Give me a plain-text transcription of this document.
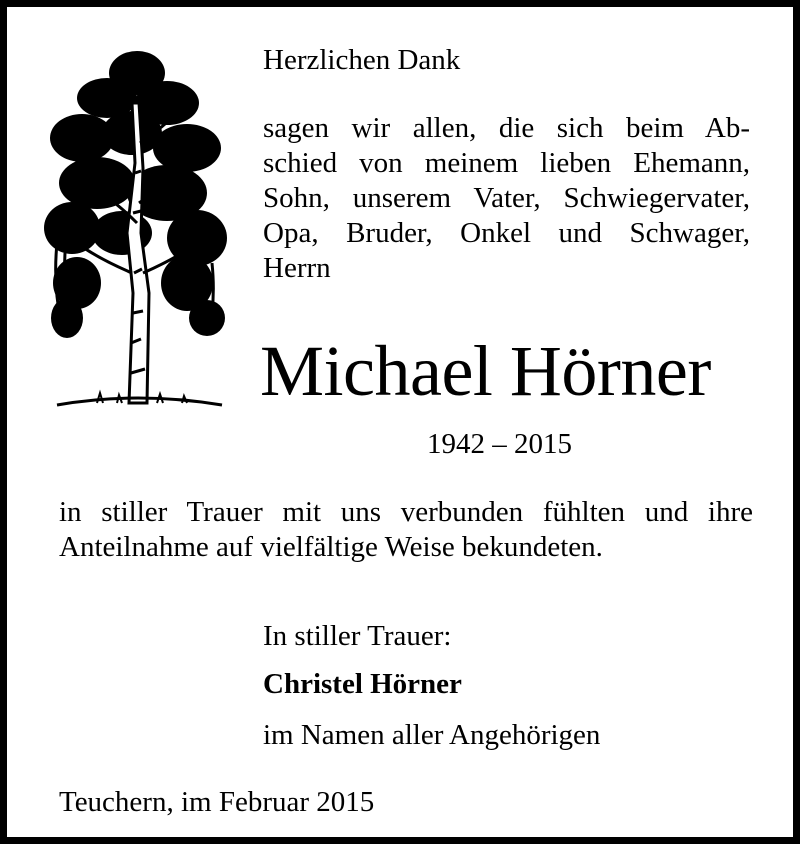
Herzlichen Dank
sagen wir allen, die sich beim Ab-
schied von meinem lieben Ehemann,
Sohn, unserem Vater, Schwiegervater,
Opa, Bruder, Onkel und Schwager,
Herrn
Michael Hörner
1942 – 2015
in stiller Trauer mit uns verbunden fühlten und ihre
Anteilnahme auf vielfältige Weise bekundeten.
In stiller Trauer:
Christel Hörner
im Namen aller Angehörigen
Teuchern, im Februar 2015
